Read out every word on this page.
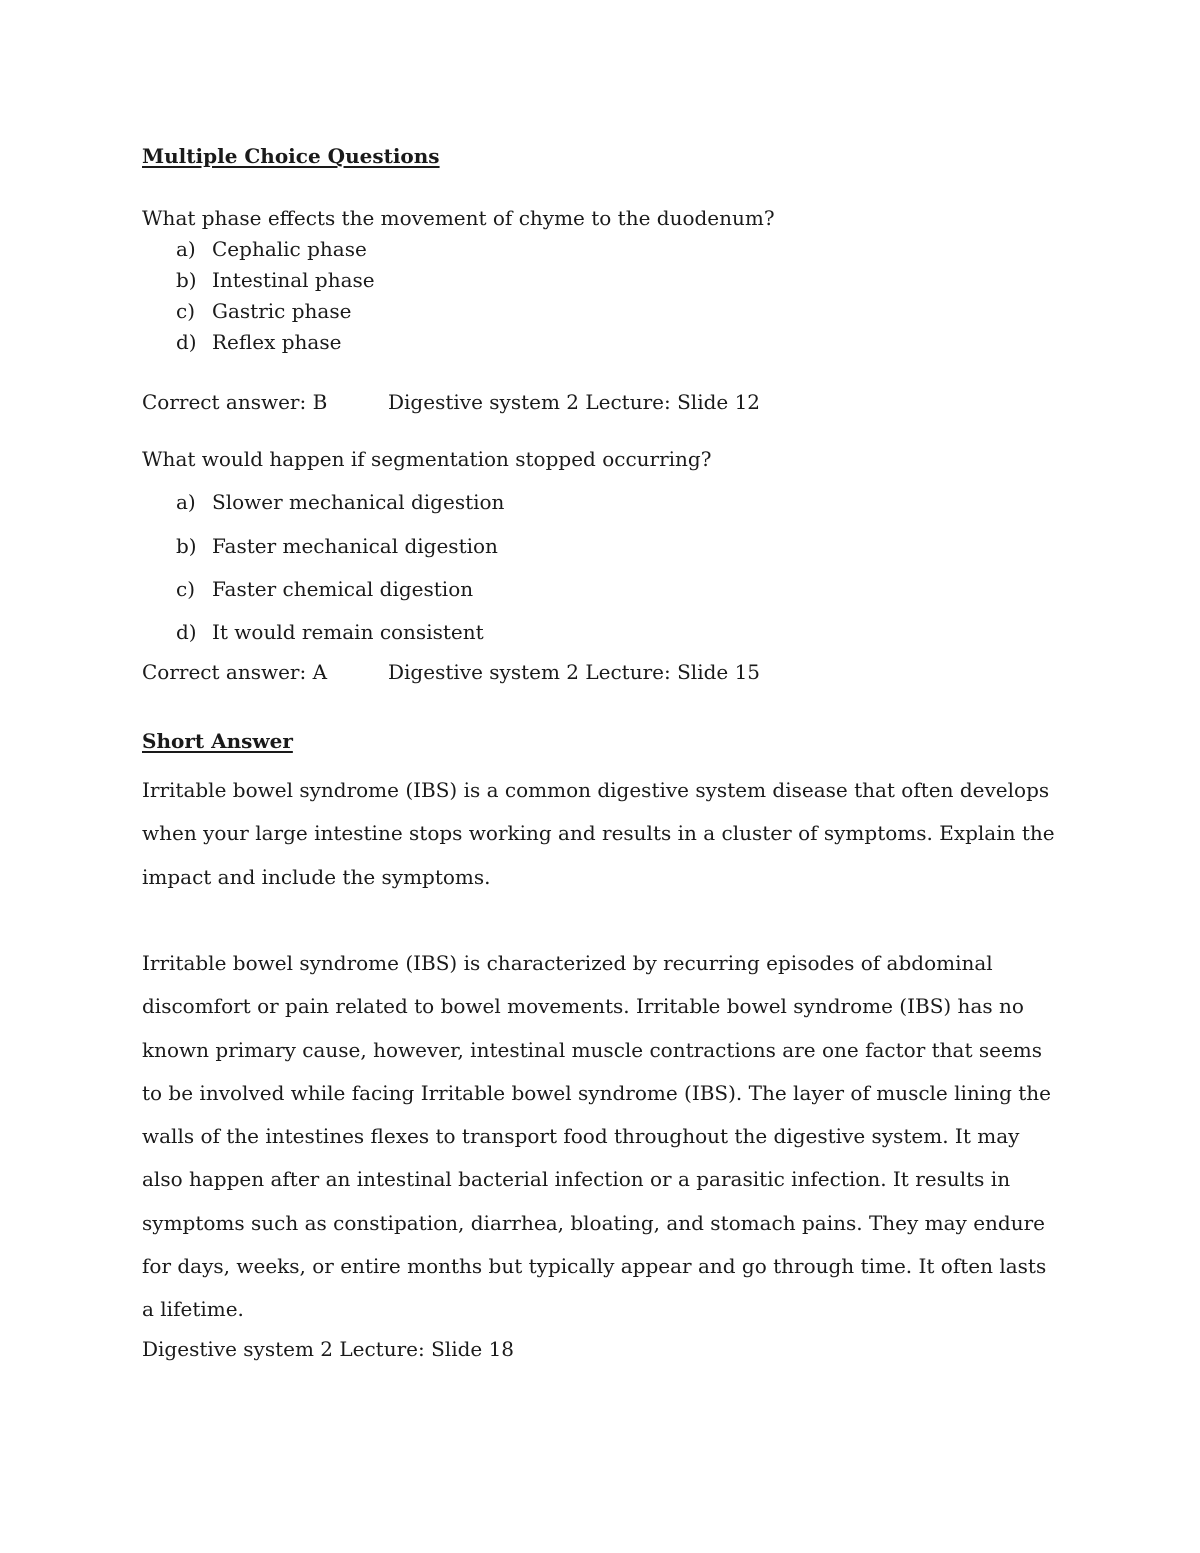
Multiple Choice Questions
What phase effects the movement of chyme to the duodenum?
a) Cephalic phase
b) Intestinal phase
c) Gastric phase
d) Reflex phase
Correct answer: B	Digestive system 2 Lecture: Slide 12
What would happen if segmentation stopped occurring?
a) Slower mechanical digestion
b) Faster mechanical digestion
c) Faster chemical digestion
d) It would remain consistent
Correct answer: A	Digestive system 2 Lecture: Slide 15
Short Answer
Irritable bowel syndrome (IBS) is a common digestive system disease that often develops when your large intestine stops working and results in a cluster of symptoms. Explain the impact and include the symptoms.
Irritable bowel syndrome (IBS) is characterized by recurring episodes of abdominal discomfort or pain related to bowel movements. Irritable bowel syndrome (IBS) has no known primary cause, however, intestinal muscle contractions are one factor that seems to be involved while facing Irritable bowel syndrome (IBS). The layer of muscle lining the walls of the intestines flexes to transport food throughout the digestive system. It may also happen after an intestinal bacterial infection or a parasitic infection. It results in symptoms such as constipation, diarrhea, bloating, and stomach pains. They may endure for days, weeks, or entire months but typically appear and go through time. It often lasts a lifetime.
Digestive system 2 Lecture: Slide 18
